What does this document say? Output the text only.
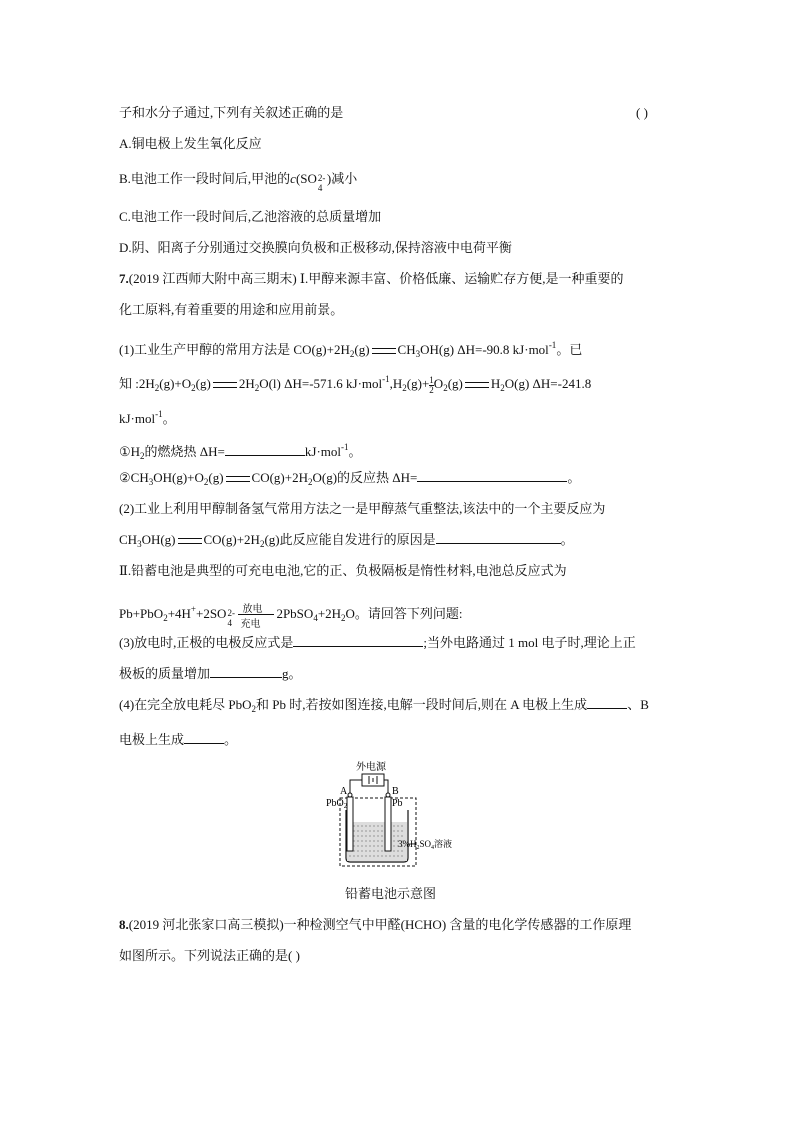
子和水分子通过,下列有关叙述正确的是	( )
A.铜电极上发生氧化反应
B.电池工作一段时间后,甲池的c(SO 2-
4
)减小
C.电池工作一段时间后,乙池溶液的总质量增加
D.阴、阳离子分别通过交换膜向负极和正极移动,保持溶液中电荷平衡
7.(2019 江西师大附中高三期末) Ⅰ.甲醇来源丰富、价格低廉、运输贮存方便,是一种重要的
化工原料,有着重要的用途和应用前景。
(1)工业生产甲醇的常用方法是 $CO(g)+2H_2(g)$ $CH_3OH(g)$ ΔH=-90.8 kJ·mol$^{-1}$。已
知 $:2H_2(g)+O_2(g)$ $2H_2O(l)$ ΔH=-571.6 $kJ\cdot mol^{-1},H_2(g)+ \frac{1}{2} O_2(g)$ $H_2O(g)$ ΔH=-241.8
kJ·mol$^{-1}$。
$①H_2$的燃烧热 ΔH=	kJ·mol$^{-1}$。
$②CH_3OH(g)+O_2(g)$ $CO(g)+2H_2O(g)$的反应热 ΔH=	。
(2)工业上利用甲醇制备氢气常用方法之一是甲醇蒸气重整法,该法中的一个主要反应为
$CH_3OH(g)$ $CO(g)+2H_2(g)$此反应能自发进行的原因是	。
Ⅱ.铅蓄电池是典型的可充电电池,它的正、负极隔板是惰性材料,电池总反应式为
Pb+PbO$_2$+4H++2SO 2-
4
放电
充电
$2PbSO_4+2H_2O$。请回答下列问题:
(3)放电时,正极的电极反应式是	;当外电路通过 1 mol 电子时,理论上正
极板的质量增加	g。
(4)在完全放电耗尽 PbO$_2$和 Pb 时,若按如图连接,电解一段时间后,则在 A 电极上生成	、B
电极上生成	。
外电源
A	B
PbO$_2$	Pb
$3\%H_2SO_4$溶液
铅蓄电池示意图
8.(2019 河北张家口高三模拟)一种检测空气中甲醛(HCHO) 含量的电化学传感器的工作原理
如图所示。下列说法正确的是( )
